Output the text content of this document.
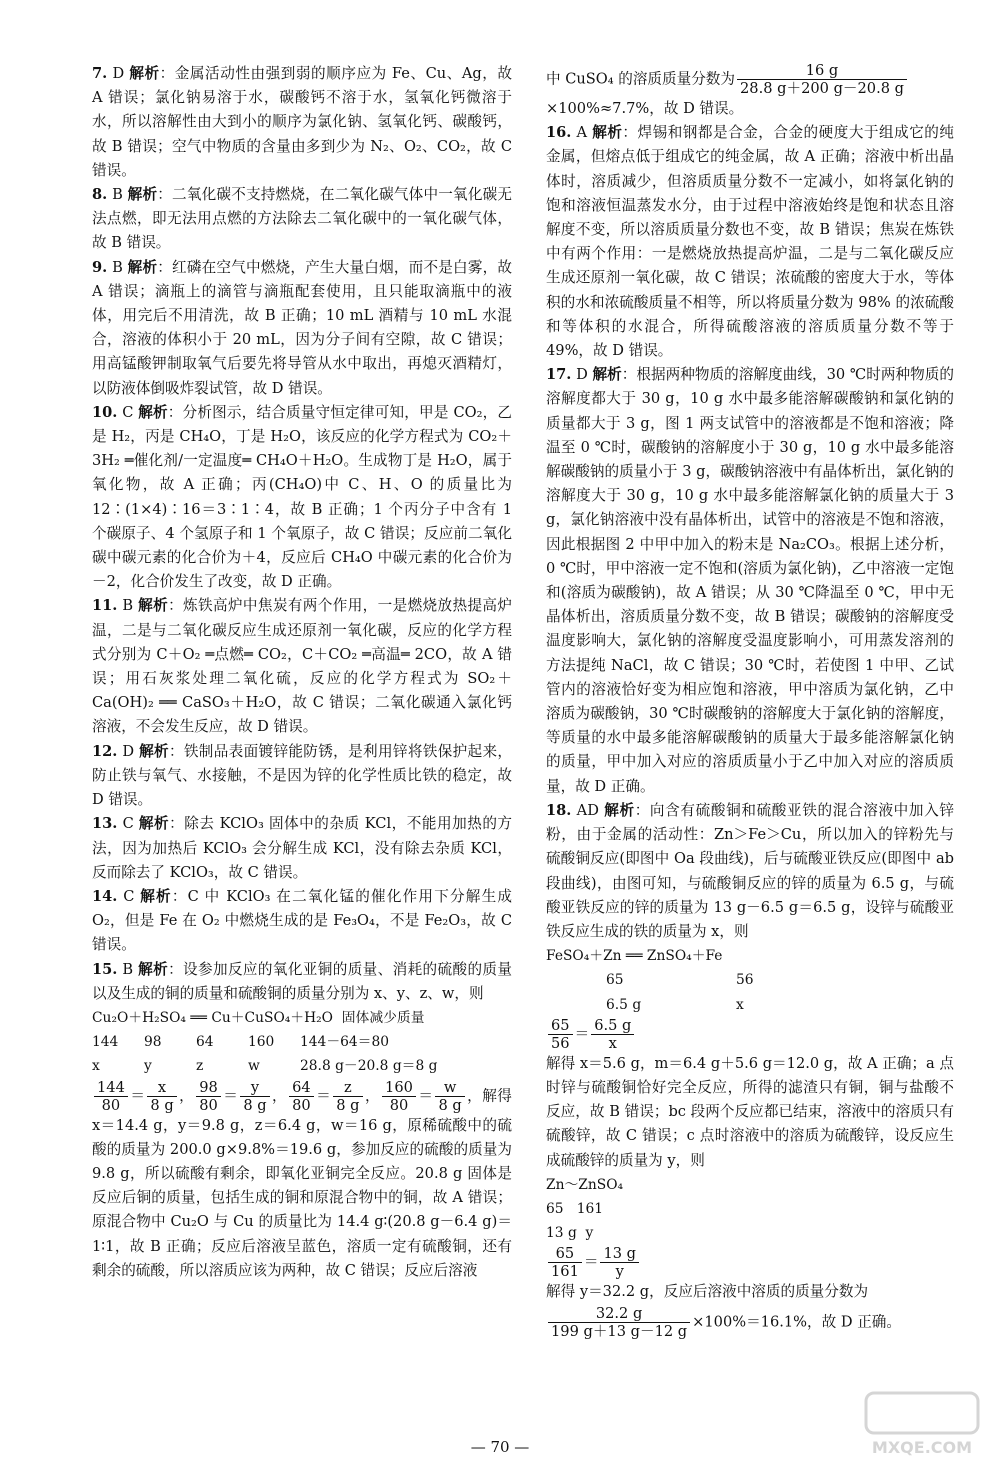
7. D 解析：金属活动性由强到弱的顺序应为 Fe、Cu、Ag，故 A 错误；氯化钠易溶于水，碳酸钙不溶于水，氢氧化钙微溶于水，所以溶解性由大到小的顺序为氯化钠、氢氧化钙、碳酸钙，故 B 错误；空气中物质的含量由多到少为 N₂、O₂、CO₂，故 C 错误。

8. B 解析：二氧化碳不支持燃烧，在二氧化碳气体中一氧化碳无法点燃，即无法用点燃的方法除去二氧化碳中的一氧化碳气体，故 B 错误。

9. B 解析：红磷在空气中燃烧，产生大量白烟，而不是白雾，故 A 错误；滴瓶上的滴管与滴瓶配套使用，且只能取滴瓶中的液体，用完后不用清洗，故 B 正确；10 mL 酒精与 10 mL 水混合，溶液的体积小于 20 mL，因为分子间有空隙，故 C 错误；用高锰酸钾制取氧气后要先将导管从水中取出，再熄灭酒精灯，以防液体倒吸炸裂试管，故 D 错误。

10. C 解析：分析图示，结合质量守恒定律可知，甲是 CO₂，乙是 H₂，丙是 CH₄O，丁是 H₂O，该反应的化学方程式为 CO₂＋3H₂ ═催化剂/一定温度═ CH₄O＋H₂O。生成物丁是 H₂O，属于氧化物，故 A 正确；丙(CH₄O)中 C、H、O 的质量比为 12∶(1×4)∶16＝3∶1∶4，故 B 正确；1 个丙分子中含有 1 个碳原子、4 个氢原子和 1 个氧原子，故 C 错误；反应前二氧化碳中碳元素的化合价为＋4，反应后 CH₄O 中碳元素的化合价为－2，化合价发生了改变，故 D 正确。

11. B 解析：炼铁高炉中焦炭有两个作用，一是燃烧放热提高炉温，二是与二氧化碳反应生成还原剂一氧化碳，反应的化学方程式分别为 C＋O₂ ═点燃═ CO₂，C＋CO₂ ═高温═ 2CO，故 A 错误；用石灰浆处理二氧化硫，反应的化学方程式为 SO₂＋Ca(OH)₂ ══ CaSO₃＋H₂O，故 C 错误；二氧化碳通入氯化钙溶液，不会发生反应，故 D 错误。

12. D 解析：铁制品表面镀锌能防锈，是利用锌将铁保护起来，防止铁与氧气、水接触，不是因为锌的化学性质比铁的稳定，故 D 错误。

13. C 解析：除去 KClO₃ 固体中的杂质 KCl，不能用加热的方法，因为加热后 KClO₃ 会分解生成 KCl，没有除去杂质 KCl，反而除去了 KClO₃，故 C 错误。

14. C 解析：C 中 KClO₃ 在二氧化锰的催化作用下分解生成 O₂，但是 Fe 在 O₂ 中燃烧生成的是 Fe₃O₄，不是 Fe₂O₃，故 C 错误。

15. B 解析：设参加反应的氧化亚铜的质量、消耗的硫酸的质量以及生成的铜的质量和硫酸铜的质量分别为 x、y、z、w，则

Cu₂O＋H₂SO₄ ══ Cu＋CuSO₄＋H₂O  固体减少质量
144 98 64 160 144－64＝80
x	y	z	w	28.8 g－20.8 g＝8 g
$\frac{144}{80} = \frac{x}{8 g}$ ， $\frac{98}{80} = \frac{y}{8 g}$ ， $\frac{64}{80} = \frac{z}{8 g}$ ， $\frac{160}{80} = \frac{w}{8 g}$ ，解得 x＝14.4 g，y＝9.8 g，z＝6.4 g，w＝16 g，原稀硫酸中的硫酸的质量为 200.0 g×9.8%＝19.6 g，参加反应的硫酸的质量为 9.8 g，所以硫酸有剩余，即氧化亚铜完全反应。20.8 g 固体是反应后铜的质量，包括生成的铜和原混合物中的铜，故 A 错误；原混合物中 Cu₂O 与 Cu 的质量比为 14.4 g∶(20.8 g－6.4 g)＝1∶1，故 B 正确；反应后溶液呈蓝色，溶质一定有硫酸铜，还有剩余的硫酸，所以溶质应该为两种，故 C 错误；反应后溶液
中 CuSO₄ 的溶质质量分数为 $\frac{16 g}{28.8 g+200 g-20.8 g}$
×100%≈7.7%，故 D 错误。

16. A 解析：焊锡和钢都是合金，合金的硬度大于组成它的纯金属，但熔点低于组成它的纯金属，故 A 正确；溶液中析出晶体时，溶质减少，但溶质质量分数不一定减小，如将氯化钠的饱和溶液恒温蒸发水分，由于过程中溶液始终是饱和状态且溶解度不变，所以溶质质量分数也不变，故 B 错误；焦炭在炼铁中有两个作用：一是燃烧放热提高炉温，二是与二氧化碳反应生成还原剂一氧化碳，故 C 错误；浓硫酸的密度大于水，等体积的水和浓硫酸质量不相等，所以将质量分数为 98% 的浓硫酸和等体积的水混合，所得硫酸溶液的溶质质量分数不等于 49%，故 D 错误。

17. D 解析：根据两种物质的溶解度曲线，30 ℃时两种物质的溶解度都大于 30 g，10 g 水中最多能溶解碳酸钠和氯化钠的质量都大于 3 g，图 1 两支试管中的溶液都是不饱和溶液；降温至 0 ℃时，碳酸钠的溶解度小于 30 g，10 g 水中最多能溶解碳酸钠的质量小于 3 g，碳酸钠溶液中有晶体析出，氯化钠的溶解度大于 30 g，10 g 水中最多能溶解氯化钠的质量大于 3 g，氯化钠溶液中没有晶体析出，试管中的溶液是不饱和溶液，因此根据图 2 中甲中加入的粉末是 Na₂CO₃。根据上述分析，0 ℃时，甲中溶液一定不饱和(溶质为氯化钠)，乙中溶液一定饱和(溶质为碳酸钠)，故 A 错误；从 30 ℃降温至 0 ℃，甲中无晶体析出，溶质质量分数不变，故 B 错误；碳酸钠的溶解度受温度影响大，氯化钠的溶解度受温度影响小，可用蒸发溶剂的方法提纯 NaCl，故 C 错误；30 ℃时，若使图 1 中甲、乙试管内的溶液恰好变为相应饱和溶液，甲中溶质为氯化钠，乙中溶质为碳酸钠，30 ℃时碳酸钠的溶解度大于氯化钠的溶解度，等质量的水中最多能溶解碳酸钠的质量大于最多能溶解氯化钠的质量，甲中加入对应的溶质质量小于乙中加入对应的溶质质量，故 D 正确。

18. AD 解析：向含有硫酸铜和硫酸亚铁的混合溶液中加入锌粉，由于金属的活动性：Zn＞Fe＞Cu，所以加入的锌粉先与硫酸铜反应(即图中 Oa 段曲线)，后与硫酸亚铁反应(即图中 ab 段曲线)，由图可知，与硫酸铜反应的锌的质量为 6.5 g，与硫酸亚铁反应的锌的质量为 13 g－6.5 g＝6.5 g，设锌与硫酸亚铁反应生成的铁的质量为 x，则

FeSO₄＋Zn ══ ZnSO₄＋Fe
65	56
6.5 g	x
$\frac{65}{56} = \frac{6.5 g}{x}$
解得 x＝5.6 g，m＝6.4 g＋5.6 g＝12.0 g，故 A 正确；a 点时锌与硫酸铜恰好完全反应，所得的滤渣只有铜，铜与盐酸不反应，故 B 错误；bc 段两个反应都已结束，溶液中的溶质只有硫酸锌，故 C 错误；c 点时溶液中的溶质为硫酸锌，设反应生成硫酸锌的质量为 y，则
Zn～ZnSO₄
65   161
13 g  y
$\frac{65}{161} = \frac{13 g}{y}$
解得 y＝32.2 g，反应后溶液中溶质的质量分数为
$\frac{32.2 g}{199 g+13 g-12 g} \times 100\%=16.1\%$，故 D 正确。
— 70 —	MXQE.COM
